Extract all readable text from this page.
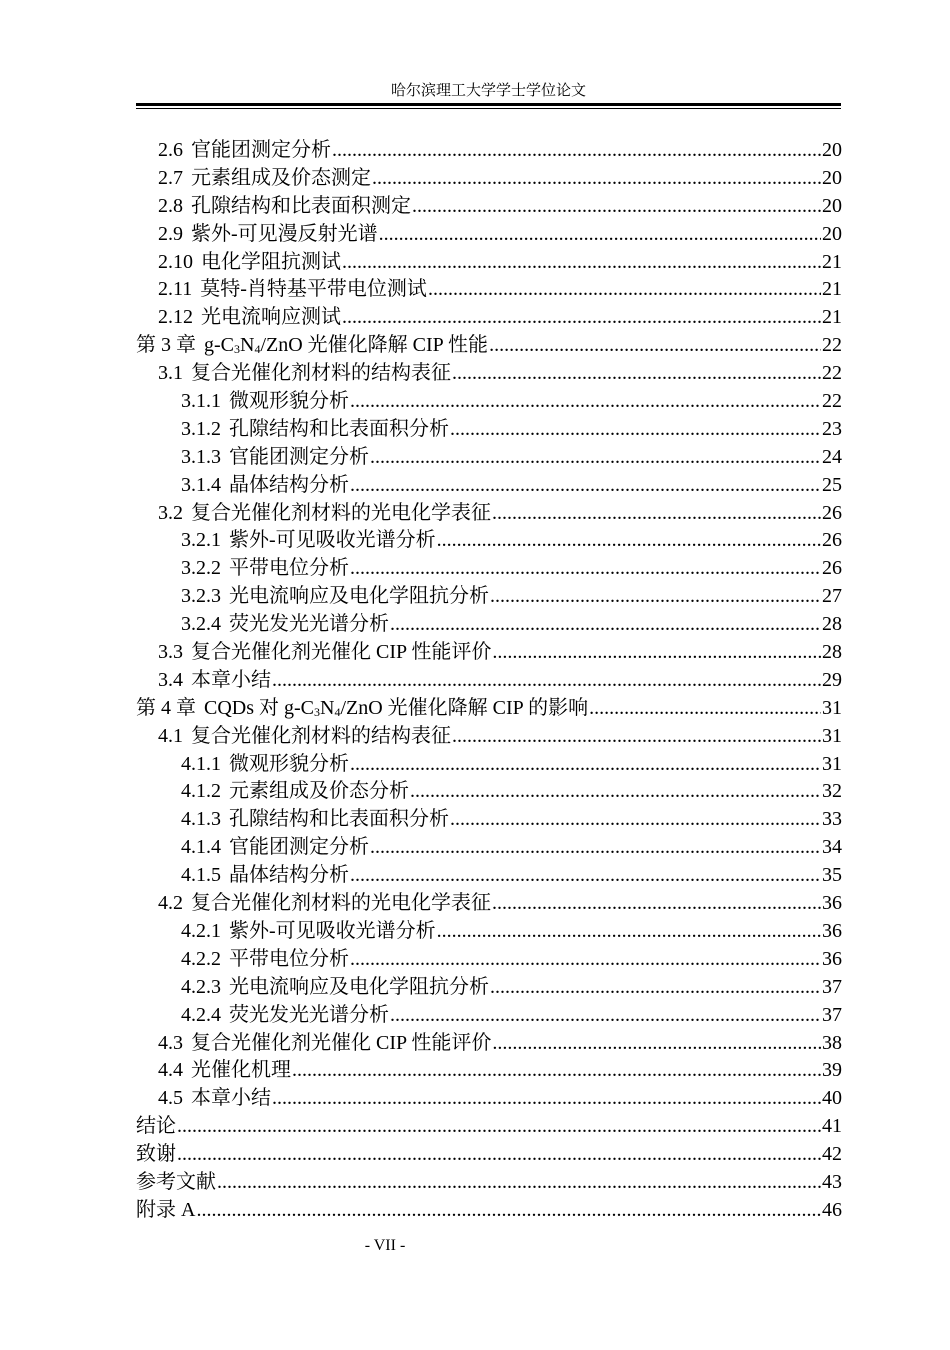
哈尔滨理工大学学士学位论文
2.6 官能团测定分析 .....	20
2.7 元素组成及价态测定 .....	20
2.8 孔隙结构和比表面积测定 .....	20
2.9 紫外-可见漫反射光谱 .....	20
2.10 电化学阻抗测试 .....	21
2.11 莫特-肖特基平带电位测试 .....	21
2.12 光电流响应测试 .....	21
第 3 章 $g-C_3N_4$/ZnO 光催化降解 CIP 性能 .....	22
3.1 复合光催化剂材料的结构表征 .....	22
3.1.1 微观形貌分析 .....	22
3.1.2 孔隙结构和比表面积分析 .....	23
3.1.3 官能团测定分析 .....	24
3.1.4 晶体结构分析 .....	25
3.2 复合光催化剂材料的光电化学表征 .....	26
3.2.1 紫外-可见吸收光谱分析 .....	26
3.2.2 平带电位分析 .....	26
3.2.3 光电流响应及电化学阻抗分析 .....	27
3.2.4 荧光发光光谱分析 .....	28
3.3 复合光催化剂光催化 CIP 性能评价 .....	28
3.4 本章小结 .....	29
第 4 章 CQDs 对 $g-C_3N_4$/ZnO 光催化降解 CIP 的影响 .....	31
4.1 复合光催化剂材料的结构表征 .....	31
4.1.1 微观形貌分析 .....	31
4.1.2 元素组成及价态分析 .....	32
4.1.3 孔隙结构和比表面积分析 .....	33
4.1.4 官能团测定分析 .....	34
4.1.5 晶体结构分析 .....	35
4.2 复合光催化剂材料的光电化学表征 .....	36
4.2.1 紫外-可见吸收光谱分析 .....	36
4.2.2 平带电位分析 .....	36
4.2.3 光电流响应及电化学阻抗分析 .....	37
4.2.4 荧光发光光谱分析 .....	37
4.3 复合光催化剂光催化 CIP 性能评价 .....	38
4.4 光催化机理 .....	39
4.5 本章小结 .....	40
结论 .....	41
致谢 .....	42
参考文献 .....	43
附录 A .....	46
- VII -
